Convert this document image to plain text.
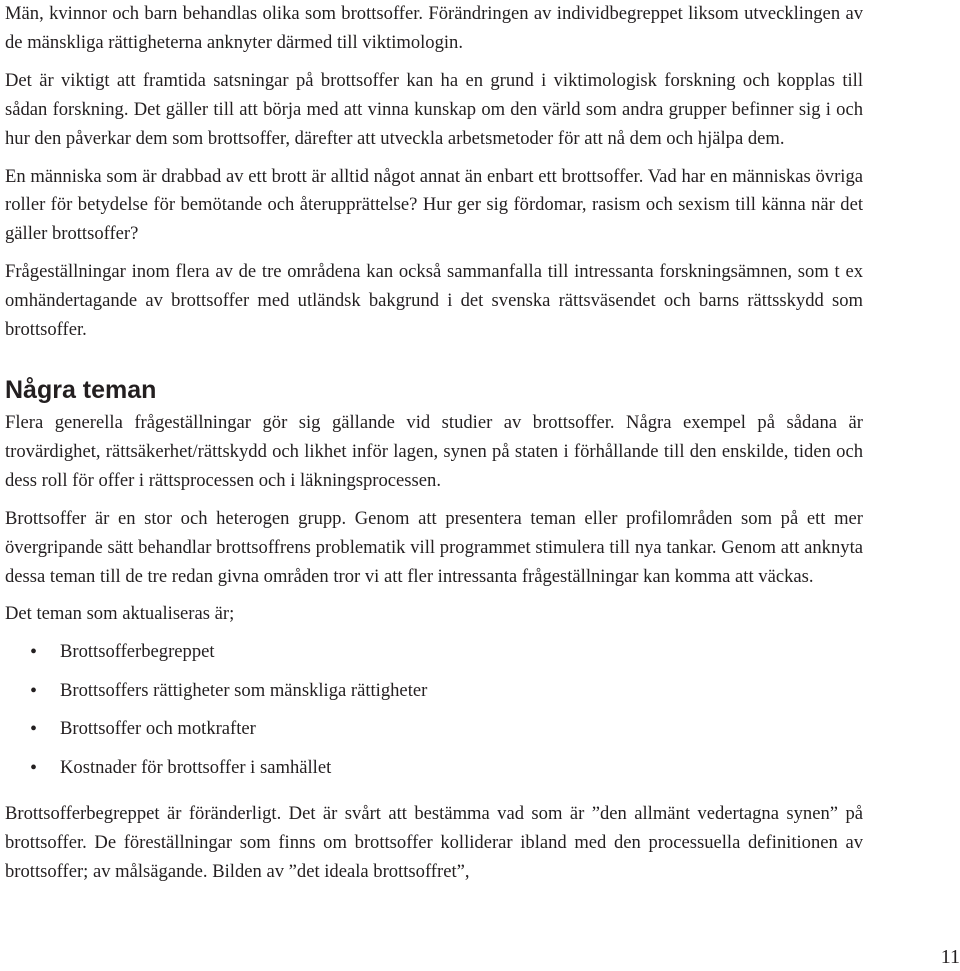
Män, kvinnor och barn behandlas olika som brottsoffer. Förändringen av individbegreppet liksom utvecklingen av de mänskliga rättigheterna anknyter därmed till viktimologin.

Det är viktigt att framtida satsningar på brottsoffer kan ha en grund i viktimologisk forskning och kopplas till sådan forskning. Det gäller till att börja med att vinna kunskap om den värld som andra grupper befinner sig i och hur den påverkar dem som brottsoffer, därefter att utveckla arbetsmetoder för att nå dem och hjälpa dem.

En människa som är drabbad av ett brott är alltid något annat än enbart ett brottsoffer. Vad har en människas övriga roller för betydelse för bemötande och återupprättelse? Hur ger sig fördomar, rasism och sexism till känna när det gäller brottsoffer?

Frågeställningar inom flera av de tre områdena kan också sammanfalla till intressanta forskningsämnen, som t ex omhändertagande av brottsoffer med utländsk bakgrund i det svenska rättsväsendet och barns rättsskydd som brottsoffer.

Några teman

Flera generella frågeställningar gör sig gällande vid studier av brottsoffer. Några exempel på sådana är trovärdighet, rättsäkerhet/rättskydd och likhet inför lagen, synen på staten i förhållande till den enskilde, tiden och dess roll för offer i rättsprocessen och i läkningsprocessen.

Brottsoffer är en stor och heterogen grupp. Genom att presentera teman eller profilområden som på ett mer övergripande sätt behandlar brottsoffrens problematik vill programmet stimulera till nya tankar. Genom att anknyta dessa teman till de tre redan givna områden tror vi att fler intressanta frågeställningar kan komma att väckas.

Det teman som aktualiseras är;

• Brottsofferbegreppet
• Brottsoffers rättigheter som mänskliga rättigheter
• Brottsoffer och motkrafter
• Kostnader för brottsoffer i samhället

Brottsofferbegreppet är föränderligt. Det är svårt att bestämma vad som är ”den allmänt vedertagna synen” på brottsoffer. De föreställningar som finns om brottsoffer kolliderar ibland med den processuella definitionen av brottsoffer; av målsägande. Bilden av ”det ideala brottsoffret”,

11
